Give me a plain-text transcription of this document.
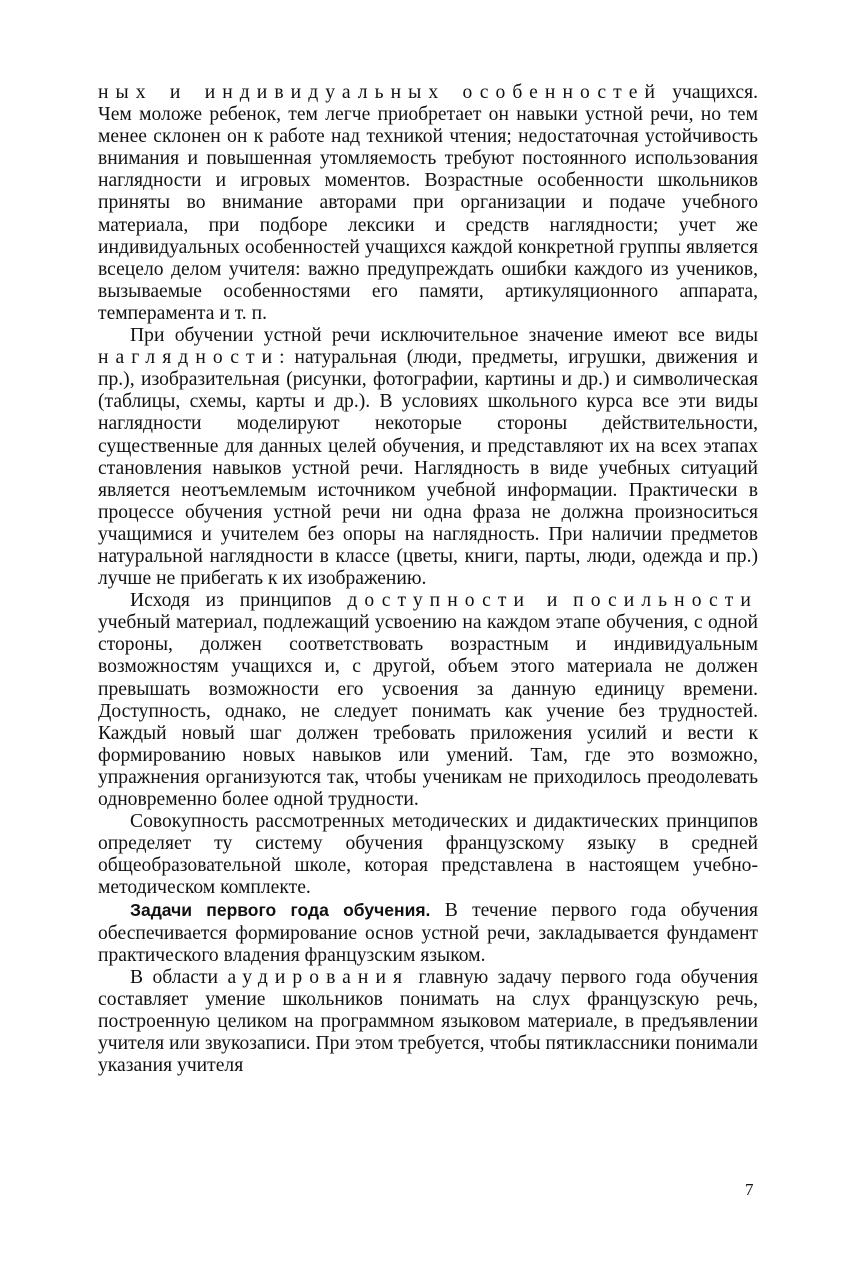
ных и индивидуальных особенностей учащихся. Чем моложе ребенок, тем легче приобретает он навыки устной речи, но тем менее склонен он к работе над техникой чтения; недостаточная устойчивость внимания и повышенная утомляемость требуют постоянного использования наглядности и игровых моментов. Возрастные особенности школьников приняты во внимание авторами при организации и подаче учебного материала, при подборе лексики и средств наглядности; учет же индивидуальных особенностей учащихся каждой конкретной группы является всецело делом учителя: важно предупреждать ошибки каждого из учеников, вызываемые особенностями его памяти, артикуляционного аппарата, темперамента и т. п.

При обучении устной речи исключительное значение имеют все виды наглядности: натуральная (люди, предметы, игрушки, движения и пр.), изобразительная (рисунки, фотографии, картины и др.) и символическая (таблицы, схемы, карты и др.). В условиях школьного курса все эти виды наглядности моделируют некоторые стороны действительности, существенные для данных целей обучения, и представляют их на всех этапах становления навыков устной речи. Наглядность в виде учебных ситуаций является неотъемлемым источником учебной информации. Практически в процессе обучения устной речи ни одна фраза не должна произноситься учащимися и учителем без опоры на наглядность. При наличии предметов натуральной наглядности в классе (цветы, книги, парты, люди, одежда и пр.) лучше не прибегать к их изображению.

Исходя из принципов доступности и посильности учебный материал, подлежащий усвоению на каждом этапе обучения, с одной стороны, должен соответствовать возрастным и индивидуальным возможностям учащихся и, с другой, объем этого материала не должен превышать возможности его усвоения за данную единицу времени. Доступность, однако, не следует понимать как учение без трудностей. Каждый новый шаг должен требовать приложения усилий и вести к формированию новых навыков или умений. Там, где это возможно, упражнения организуются так, чтобы ученикам не приходилось преодолевать одновременно более одной трудности.

Совокупность рассмотренных методических и дидактических принципов определяет ту систему обучения французскому языку в средней общеобразовательной школе, которая представлена в настоящем учебно-методическом комплекте.

Задачи первого года обучения. В течение первого года обучения обеспечивается формирование основ устной речи, закладывается фундамент практического владения французским языком.

В области аудирования главную задачу первого года обучения составляет умение школьников понимать на слух французскую речь, построенную целиком на программном языковом материале, в предъявлении учителя или звукозаписи. При этом требуется, чтобы пятиклассники понимали указания учителя

7
